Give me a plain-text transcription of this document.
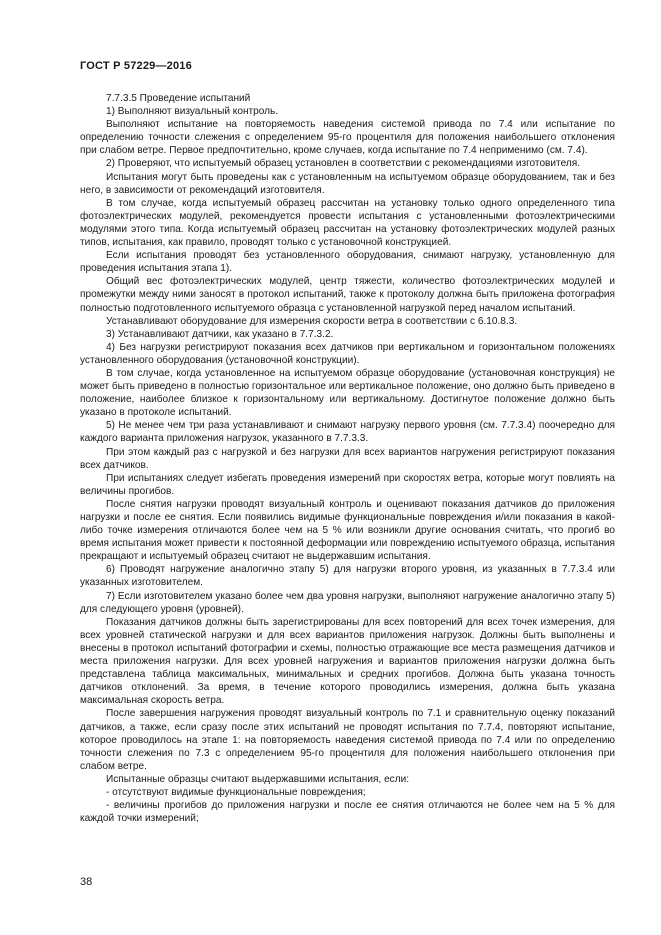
ГОСТ Р 57229—2016

7.7.3.5 Проведение испытаний

1) Выполняют визуальный контроль.

Выполняют испытание на повторяемость наведения системой привода по 7.4 или испытание по определению точности слежения с определением 95-го процентиля для положения наибольшего отклонения при слабом ветре. Первое предпочтительно, кроме случаев, когда испытание по 7.4 неприменимо (см. 7.4).

2) Проверяют, что испытуемый образец установлен в соответствии с рекомендациями изготовителя.

Испытания могут быть проведены как с установленным на испытуемом образце оборудованием, так и без него, в зависимости от рекомендаций изготовителя.

В том случае, когда испытуемый образец рассчитан на установку только одного определенного типа фотоэлектрических модулей, рекомендуется провести испытания с установленными фотоэлектрическими модулями этого типа. Когда испытуемый образец рассчитан на установку фотоэлектрических модулей разных типов, испытания, как правило, проводят только с установочной конструкцией.

Если испытания проводят без установленного оборудования, снимают нагрузку, установленную для проведения испытания этапа 1).

Общий вес фотоэлектрических модулей, центр тяжести, количество фотоэлектрических модулей и промежутки между ними заносят в протокол испытаний, также к протоколу должна быть приложена фотография полностью подготовленного испытуемого образца с установленной нагрузкой перед началом испытаний.

Устанавливают оборудование для измерения скорости ветра в соответствии с 6.10.8.3.

3) Устанавливают датчики, как указано в 7.7.3.2.

4) Без нагрузки регистрируют показания всех датчиков при вертикальном и горизонтальном положениях установленного оборудования (установочной конструкции).

В том случае, когда установленное на испытуемом образце оборудование (установочная конструкция) не может быть приведено в полностью горизонтальное или вертикальное положение, оно должно быть приведено в положение, наиболее близкое к горизонтальному или вертикальному. Достигнутое положение должно быть указано в протоколе испытаний.

5) Не менее чем три раза устанавливают и снимают нагрузку первого уровня (см. 7.7.3.4) поочередно для каждого варианта приложения нагрузок, указанного в 7.7.3.3.

При этом каждый раз с нагрузкой и без нагрузки для всех вариантов нагружения регистрируют показания всех датчиков.

При испытаниях следует избегать проведения измерений при скоростях ветра, которые могут повлиять на величины прогибов.

После снятия нагрузки проводят визуальный контроль и оценивают показания датчиков до приложения нагрузки и после ее снятия. Если появились видимые функциональные повреждения и/или показания в какой-либо точке измерения отличаются более чем на 5 % или возникли другие основания считать, что прогиб во время испытания может привести к постоянной деформации или повреждению испытуемого образца, испытания прекращают и испытуемый образец считают не выдержавшим испытания.

6) Проводят нагружение аналогично этапу 5) для нагрузки второго уровня, из указанных в 7.7.3.4 или указанных изготовителем.

7) Если изготовителем указано более чем два уровня нагрузки, выполняют нагружение аналогично этапу 5) для следующего уровня (уровней).

Показания датчиков должны быть зарегистрированы для всех повторений для всех точек измерения, для всех уровней статической нагрузки и для всех вариантов приложения нагрузок. Должны быть выполнены и внесены в протокол испытаний фотографии и схемы, полностью отражающие все места размещения датчиков и места приложения нагрузки. Для всех уровней нагружения и вариантов приложения нагрузки должна быть представлена таблица максимальных, минимальных и средних прогибов. Должна быть указана точность датчиков отклонений. За время, в течение которого проводились измерения, должна быть указана максимальная скорость ветра.

После завершения нагружения проводят визуальный контроль по 7.1 и сравнительную оценку показаний датчиков, а также, если сразу после этих испытаний не проводят испытания по 7.7.4, повторяют испытание, которое проводилось на этапе 1: на повторяемость наведения системой привода по 7.4 или по определению точности слежения по 7.3 с определением 95-го процентиля для положения наибольшего отклонения при слабом ветре.

Испытанные образцы считают выдержавшими испытания, если:

- отсутствуют видимые функциональные повреждения;

- величины прогибов до приложения нагрузки и после ее снятия отличаются не более чем на 5 % для каждой точки измерений;

38
